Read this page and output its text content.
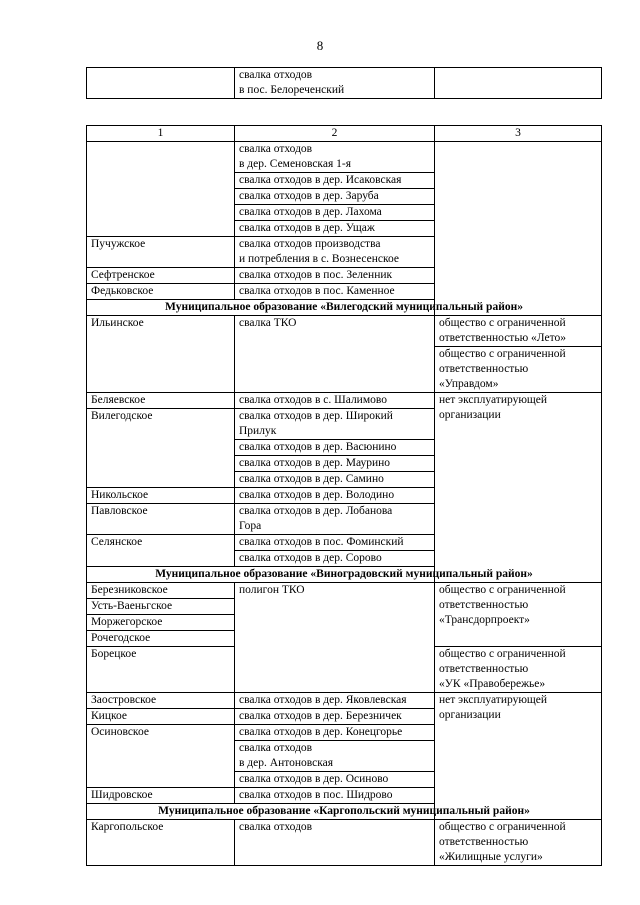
8

свалка отходов
в пос. Белореченский

1	2	3

	свалка отходов
в дер. Семеновская 1-я	

	свалка отходов в дер. Исаковская	
	свалка отходов в дер. Заруба	
	свалка отходов в дер. Лахома	
	свалка отходов в дер. Ущаж	
Пучужское	свалка отходов производства
и потребления в с. Вознесенское	

Сефтренское	свалка отходов в пос. Зеленник	
Федьковское	свалка отходов в пос. Каменное	
Муниципальное образование «Вилегодский муниципальный район»		
Ильинское	свалка ТКО	общество с ограниченной
ответственностью «Лето»

		общество с ограниченной
ответственностью
«Управдом»

Беляевское	свалка отходов в с. Шалимово	нет эксплуатирующей
организации

Вилегодское	свалка отходов в дер. Широкий
Прилук	

	свалка отходов в дер. Васюнино	
	свалка отходов в дер. Маурино	
	свалка отходов в дер. Самино	
Никольское	свалка отходов в дер. Володино	
Павловское	свалка отходов в дер. Лобанова
Гора	

Селянское	свалка отходов в пос. Фоминский	
	свалка отходов в дер. Сорово	
Муниципальное образование «Виноградовский муниципальный район»		
Березниковское	полигон ТКО	общество с ограниченной
ответственностью
«Трансдорпроект»

Усть-Ваеньгское		
Моржегорское		
Рочегодское		
Борецкое		общество с ограниченной
ответственностью
«УК «Правобережье»

Заостровское	свалка отходов в дер. Яковлевская	нет эксплуатирующей
организации

Кицкое	свалка отходов в дер. Березничек	
Осиновское	свалка отходов в дер. Конецгорье	

	свалка отходов
в дер. Антоновская	

	свалка отходов в дер. Осиново	
Шидровское	свалка отходов в пос. Шидрово	
Муниципальное образование «Каргопольский муниципальный район»		
Каргопольское	свалка отходов	общество с ограниченной
ответственностью
«Жилищные услуги»
